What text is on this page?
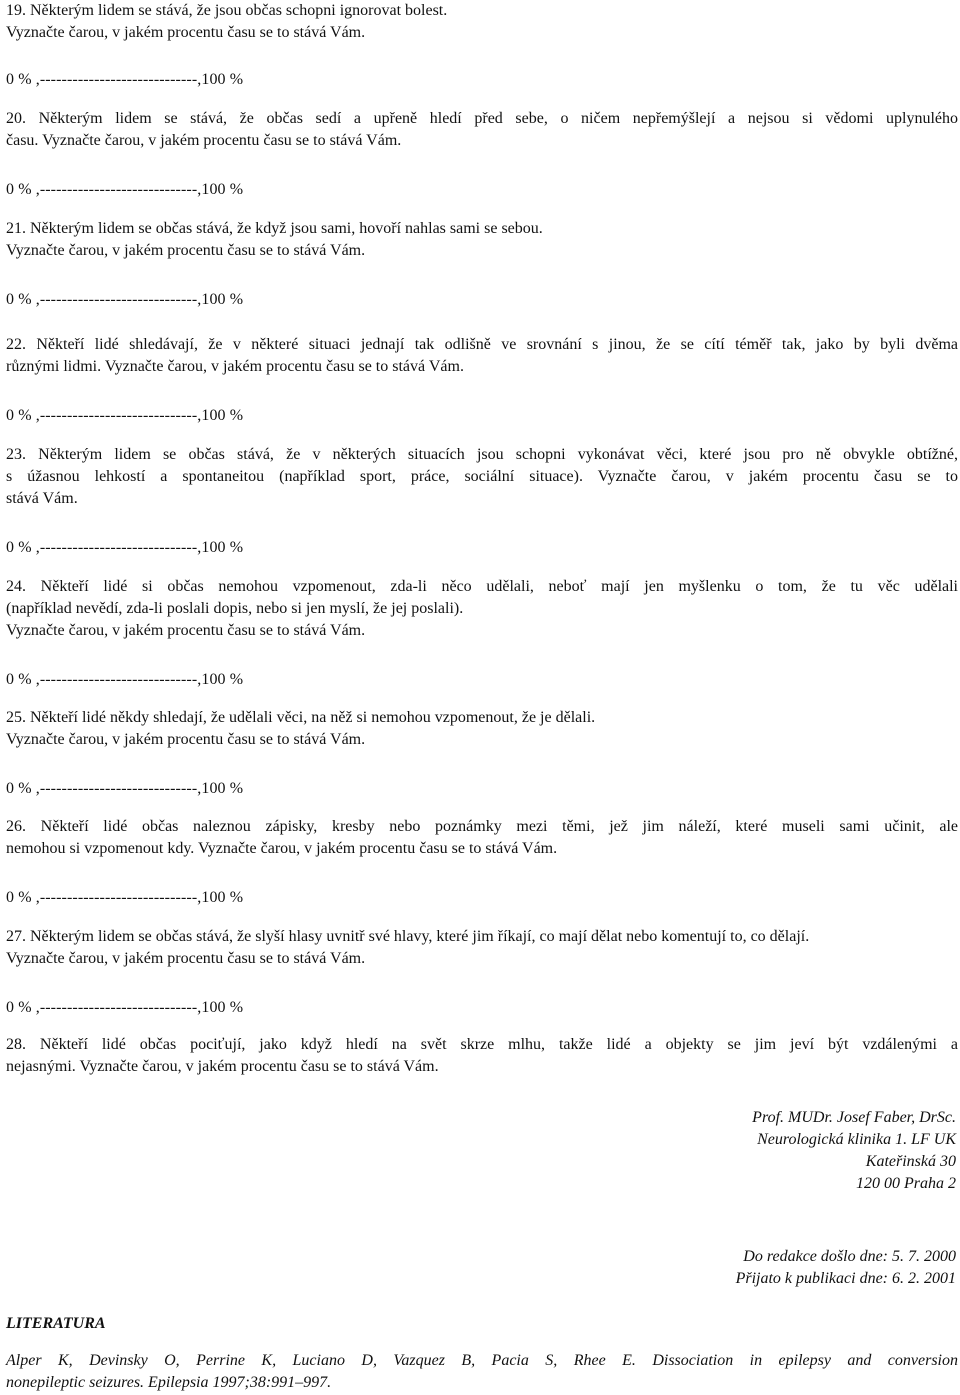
19. Některým lidem se stává, že jsou občas schopni ignorovat bolest.
Vyznačte čarou, v jakém procentu času se to stává Vám.
0 % ,-----------------------------,100 %
20. Některým lidem se stává, že občas sedí a upřeně hledí před sebe, o ničem nepřemýšlejí a nejsou si vědomi uplynulého
času. Vyznačte čarou, v jakém procentu času se to stává Vám.
0 % ,-----------------------------,100 %
21. Některým lidem se občas stává, že když jsou sami, hovoří nahlas sami se sebou.
Vyznačte čarou, v jakém procentu času se to stává Vám.
0 % ,-----------------------------,100 %
22. Někteří lidé shledávají, že v některé situaci jednají tak odlišně ve srovnání s jinou, že se cítí téměř tak, jako by byli dvěma
různými lidmi. Vyznačte čarou, v jakém procentu času se to stává Vám.
0 % ,-----------------------------,100 %
23. Některým lidem se občas stává, že v některých situacích jsou schopni vykonávat věci, které jsou pro ně obvykle obtížné,
s úžasnou lehkostí a spontaneitou (například sport, práce, sociální situace). Vyznačte čarou, v jakém procentu času se to
stává Vám.
0 % ,-----------------------------,100 %
24. Někteří lidé si občas nemohou vzpomenout, zda-li něco udělali, neboť mají jen myšlenku o tom, že tu věc udělali
(například nevědí, zda-li poslali dopis, nebo si jen myslí, že jej poslali).
Vyznačte čarou, v jakém procentu času se to stává Vám.
0 % ,-----------------------------,100 %
25. Někteří lidé někdy shledají, že udělali věci, na něž si nemohou vzpomenout, že je dělali.
Vyznačte čarou, v jakém procentu času se to stává Vám.
0 % ,-----------------------------,100 %
26. Někteří lidé občas naleznou zápisky, kresby nebo poznámky mezi těmi, jež jim náleží, které museli sami učinit, ale
nemohou si vzpomenout kdy. Vyznačte čarou, v jakém procentu času se to stává Vám.
0 % ,-----------------------------,100 %
27. Některým lidem se občas stává, že slyší hlasy uvnitř své hlavy, které jim říkají, co mají dělat nebo komentují to, co dělají.
Vyznačte čarou, v jakém procentu času se to stává Vám.
0 % ,-----------------------------,100 %
28. Někteří lidé občas pociťují, jako když hledí na svět skrze mlhu, takže lidé a objekty se jim jeví být vzdálenými a
nejasnými. Vyznačte čarou, v jakém procentu času se to stává Vám.
Prof. MUDr. Josef Faber, DrSc.
Neurologická klinika 1. LF UK
Kateřinská 30
120 00 Praha 2
Do redakce došlo dne: 5. 7. 2000
Přijato k publikaci dne: 6. 2. 2001
LITERATURA
Alper K, Devinsky O, Perrine K, Luciano D, Vazquez B, Pacia S, Rhee E. Dissociation in epilepsy and conversion
nonepileptic seizures. Epilepsia 1997;38:991–997.
